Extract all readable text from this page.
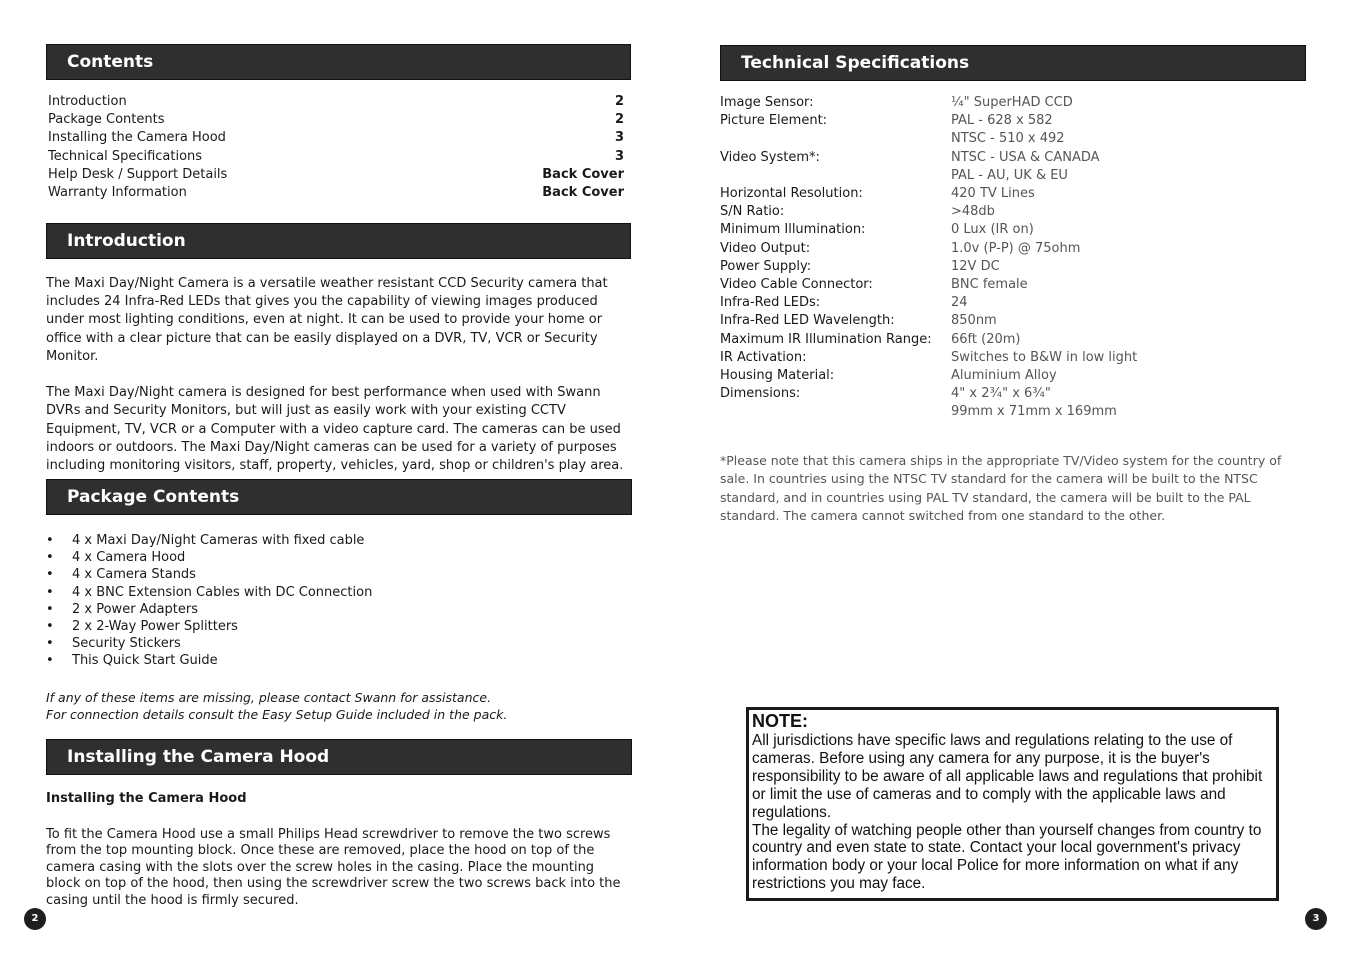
Contents
Introduction	2
Package Contents	2
Installing the Camera Hood	3
Technical Specifications	3
Help Desk / Support Details	Back Cover
Warranty Information	Back Cover
Introduction

The Maxi Day/Night Camera is a versatile weather resistant CCD Security camera that includes 24 Infra-Red LEDs that gives you the capability of viewing images produced under most lighting conditions, even at night. It can be used to provide your home or office with a clear picture that can be easily displayed on a DVR, TV, VCR or Security Monitor.

The Maxi Day/Night camera is designed for best performance when used with Swann DVRs and Security Monitors, but will just as easily work with your existing CCTV Equipment, TV, VCR or a Computer with a video capture card. The cameras can be used indoors or outdoors. The Maxi Day/Night cameras can be used for a variety of purposes including monitoring visitors, staff, property, vehicles, yard, shop or children's play area.

Package Contents
•	4 x Maxi Day/Night Cameras with fixed cable
•	4 x Camera Hood
•	4 x Camera Stands
•	4 x BNC Extension Cables with DC Connection
•	2 x Power Adapters
•	2 x 2-Way Power Splitters
•	Security Stickers
•	This Quick Start Guide
If any of these items are missing, please contact Swann for assistance.
For connection details consult the Easy Setup Guide included in the pack.
Installing the Camera Hood
Installing the Camera Hood
To fit the Camera Hood use a small Philips Head screwdriver to remove the two screws from the top mounting block. Once these are removed, place the hood on top of the camera casing with the slots over the screw holes in the casing. Place the mounting block on top of the hood, then using the screwdriver screw the two screws back into the casing until the hood is firmly secured.
2
Technical Specifications
Image Sensor:	¼" SuperHAD CCD
Picture Element:	PAL - 628 x 582
NTSC - 510 x 492
Video System*:	NTSC - USA & CANADA
PAL - AU, UK & EU
Horizontal Resolution:	420 TV Lines
S/N Ratio:	>48db
Minimum Illumination:	0 Lux (IR on)
Video Output:	1.0v (P-P) @ 75ohm
Power Supply:	12V DC
Video Cable Connector:	BNC female
Infra-Red LEDs:	24
Infra-Red LED Wavelength:	850nm
Maximum IR Illumination Range:	66ft (20m)
IR Activation:	Switches to B&W in low light
Housing Material:	Aluminium Alloy
Dimensions:	4" x 2¾" x 6¾"
99mm x 71mm x 169mm
*Please note that this camera ships in the appropriate TV/Video system for the country of sale. In countries using the NTSC TV standard for the camera will be built to the NTSC standard, and in countries using PAL TV standard, the camera will be built to the PAL standard. The camera cannot switched from one standard to the other.
NOTE:
All jurisdictions have specific laws and regulations relating to the use of cameras. Before using any camera for any purpose, it is the buyer's responsibility to be aware of all applicable laws and regulations that prohibit or limit the use of cameras and to comply with the applicable laws and regulations.
The legality of watching people other than yourself changes from country to country and even state to state. Contact your local government's privacy information body or your local Police for more information on what if any restrictions you may face.
3
